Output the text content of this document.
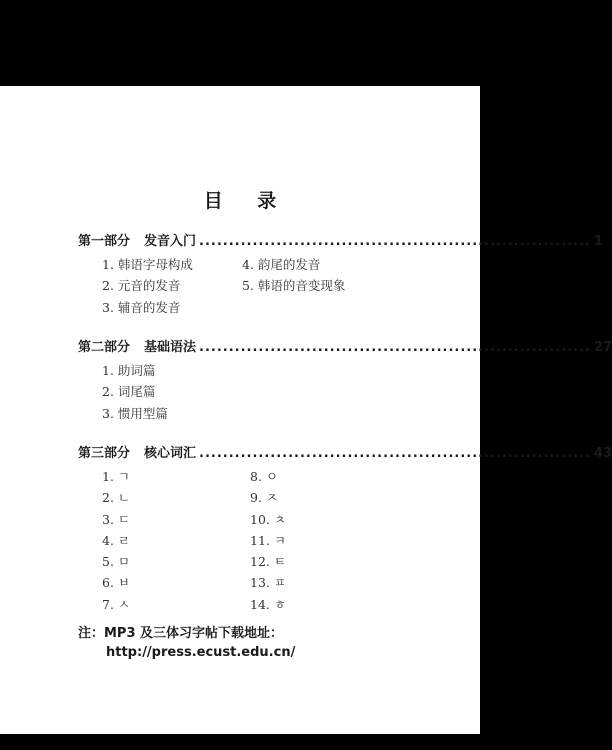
目 录
第一部分 发音入门 .................................................................. 1
1. 韩语字母构成	4. 韵尾的发音
2. 元音的发音	5. 韩语的音变现象
3. 辅音的发音
第二部分 基础语法 .................................................................. 27
1. 助词篇
2. 词尾篇
3. 惯用型篇
第三部分 核心词汇 .................................................................. 43
1. ㄱ	8. ㅇ
2. ㄴ	9. ㅈ
3. ㄷ	10. ㅊ
4. ㄹ	11. ㅋ
5. ㅁ	12. ㅌ
6. ㅂ	13. ㅍ
7. ㅅ	14. ㅎ
注：MP3 及三体习字帖下载地址：
http://press.ecust.edu.cn/
